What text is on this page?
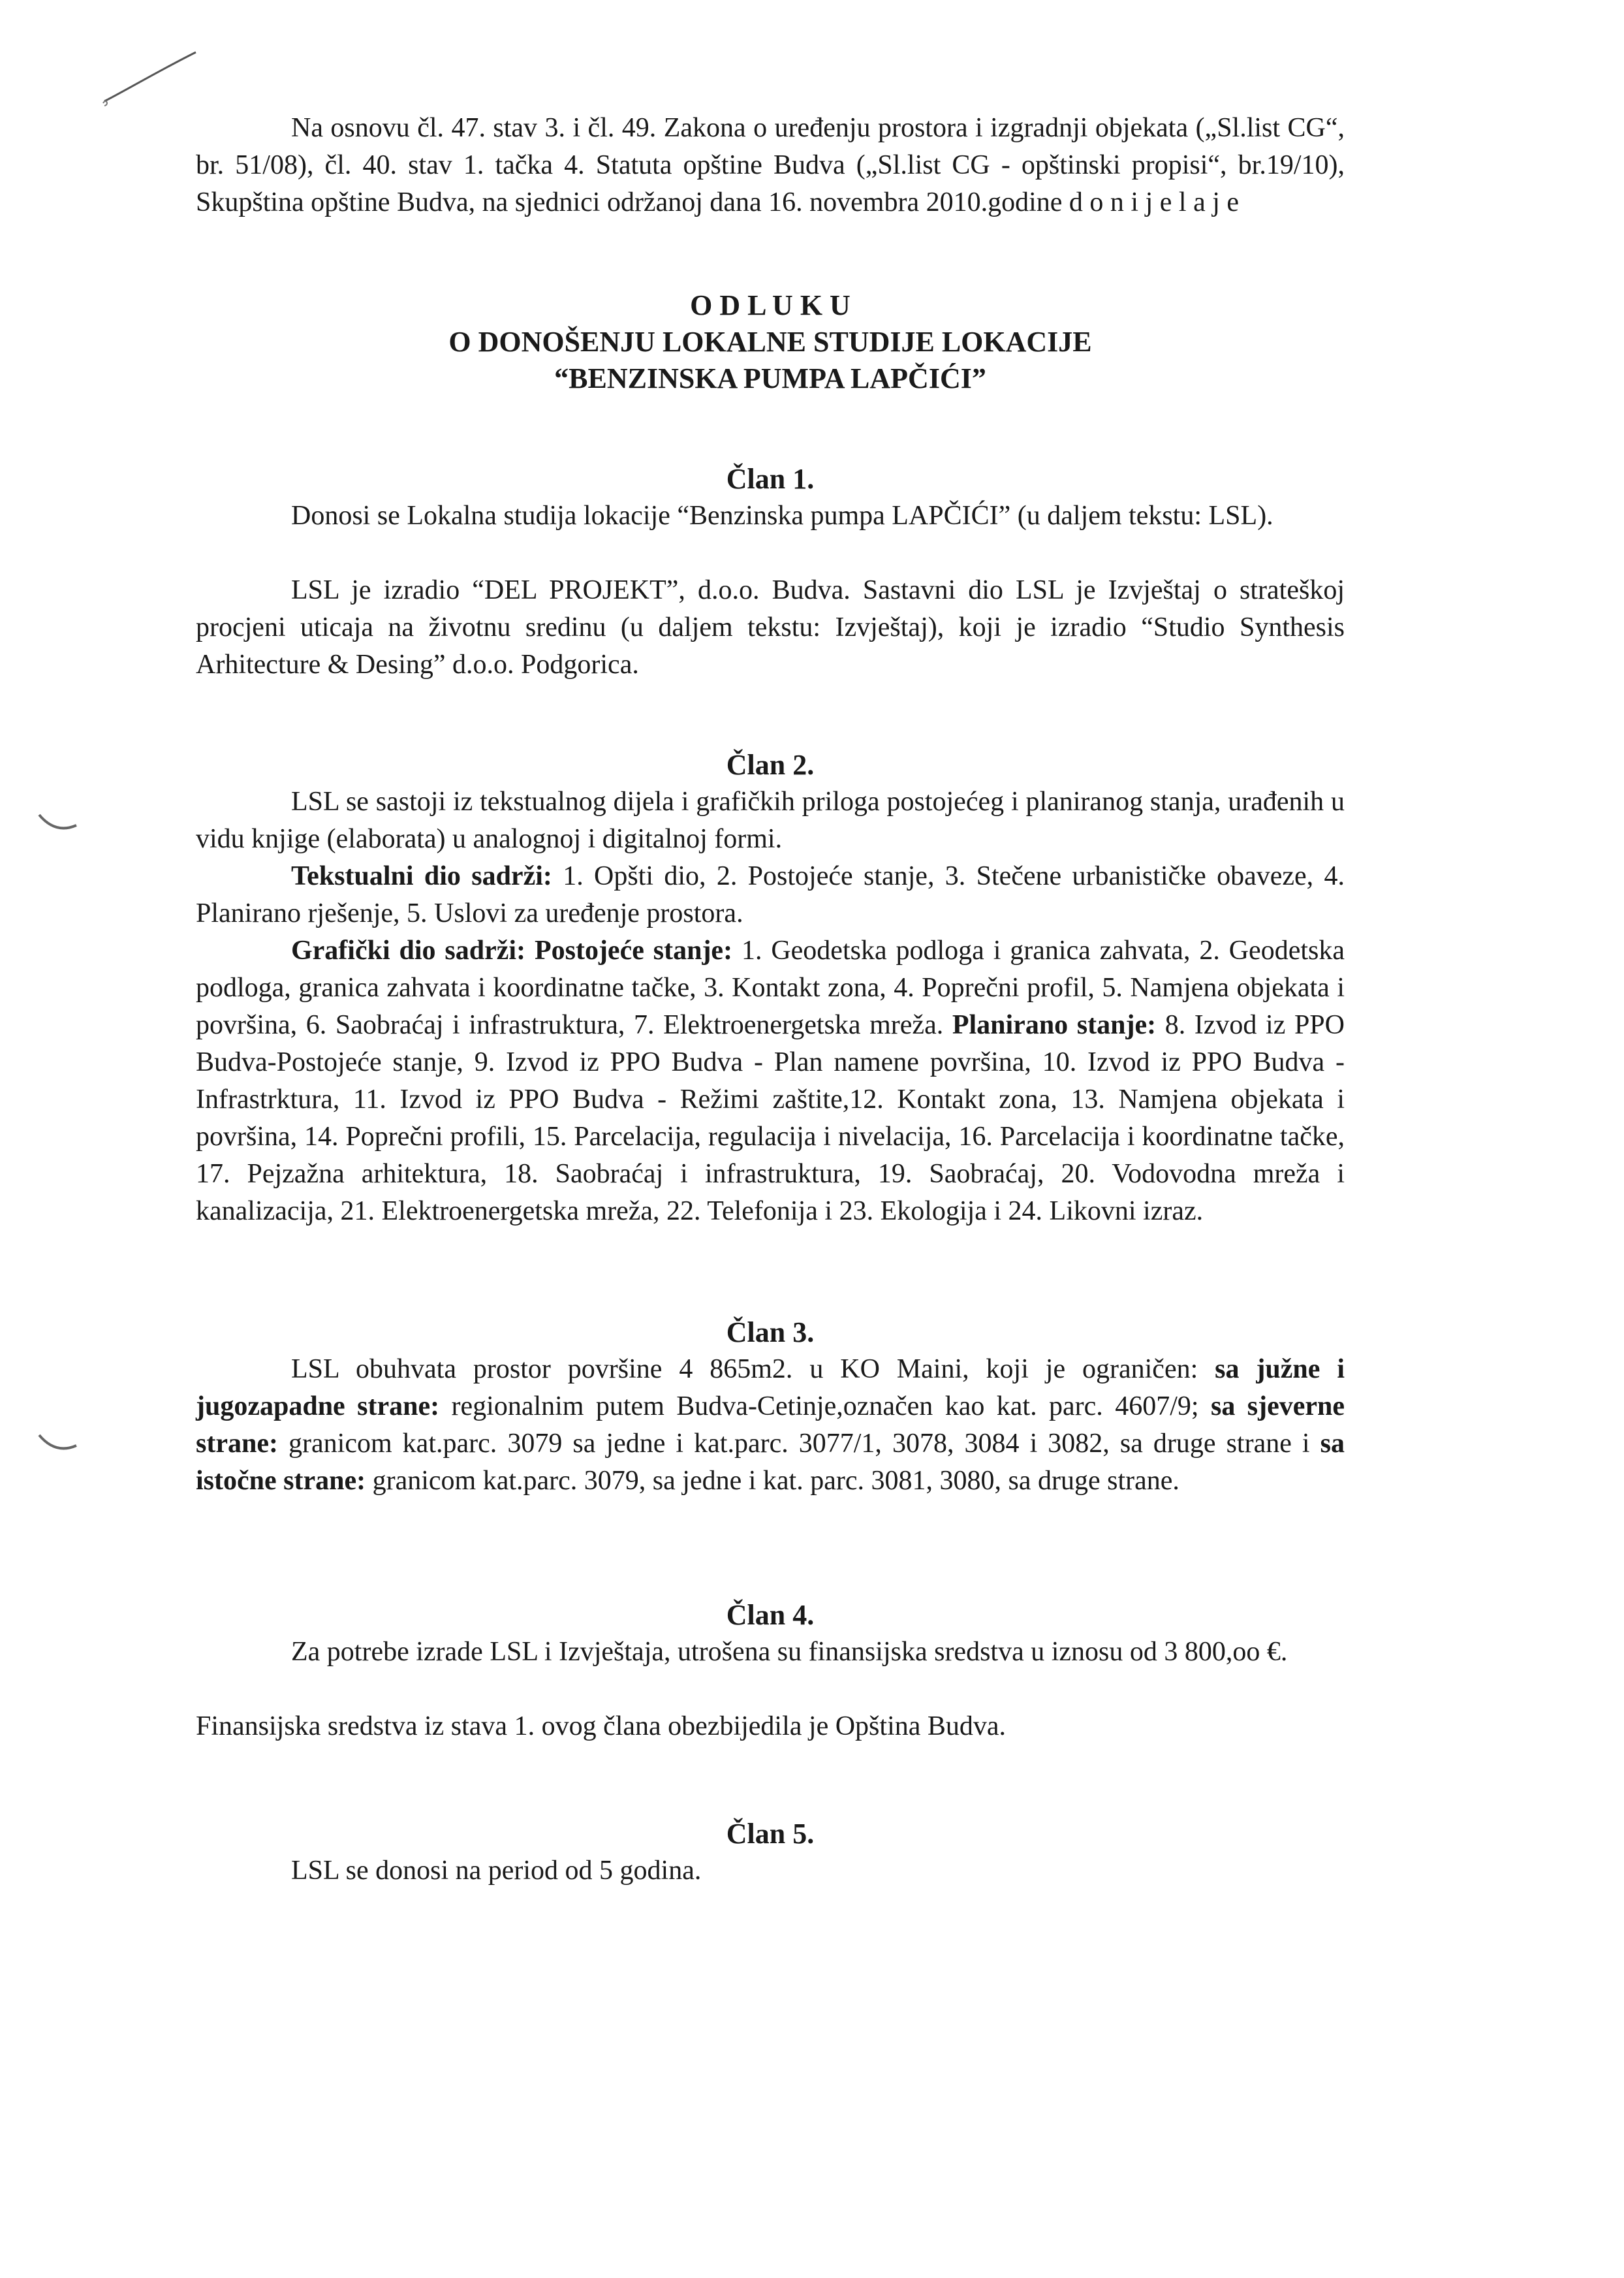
Na osnovu čl. 47. stav 3. i čl. 49. Zakona o uređenju prostora i izgradnji objekata („Sl.list CG“, br. 51/08), čl. 40. stav 1. tačka 4. Statuta opštine Budva („Sl.list CG - opštinski propisi“, br.19/10), Skupština opštine Budva, na sjednici održanoj dana 16. novembra 2010.godine d o n i j e l a j e
O D L U K U
O DONOŠENJU LOKALNE STUDIJE LOKACIJE
“BENZINSKA PUMPA LAPČIĆI”
Član 1.
Donosi se Lokalna studija lokacije “Benzinska pumpa LAPČIĆI” (u daljem tekstu: LSL).
LSL je izradio “DEL PROJEKT”, d.o.o. Budva. Sastavni dio LSL je Izvještaj o strateškoj procjeni uticaja na životnu sredinu (u daljem tekstu: Izvještaj), koji je izradio “Studio Synthesis Arhitecture & Desing” d.o.o. Podgorica.
Član 2.
LSL se sastoji iz tekstualnog dijela i grafičkih priloga postojećeg i planiranog stanja, urađenih u vidu knjige (elaborata) u analognoj i digitalnoj formi.
Tekstualni dio sadrži: 1. Opšti dio, 2. Postojeće stanje, 3. Stečene urbanističke obaveze, 4. Planirano rješenje, 5. Uslovi za uređenje prostora.
Grafički dio sadrži: Postojeće stanje: 1. Geodetska podloga i granica zahvata, 2. Geodetska podloga, granica zahvata i koordinatne tačke, 3. Kontakt zona, 4. Poprečni profil, 5. Namjena objekata i površina, 6. Saobraćaj i infrastruktura, 7. Elektroenergetska mreža. Planirano stanje: 8. Izvod iz PPO Budva-Postojeće stanje, 9. Izvod iz PPO Budva - Plan namene površina, 10. Izvod iz PPO Budva - Infrastrktura, 11. Izvod iz PPO Budva - Režimi zaštite,12. Kontakt zona, 13. Namjena objekata i površina, 14. Poprečni profili, 15. Parcelacija, regulacija i nivelacija, 16. Parcelacija i koordinatne tačke, 17. Pejzažna arhitektura, 18. Saobraćaj i infrastruktura, 19. Saobraćaj, 20. Vodovodna mreža i kanalizacija, 21. Elektroenergetska mreža, 22. Telefonija i 23. Ekologija i 24. Likovni izraz.
Član 3.
LSL obuhvata prostor površine 4 865m2. u KO Maini, koji je ograničen: sa južne i jugozapadne strane: regionalnim putem Budva-Cetinje,označen kao kat. parc. 4607/9; sa sjeverne strane: granicom kat.parc. 3079 sa jedne i kat.parc. 3077/1, 3078, 3084 i 3082, sa druge strane i sa istočne strane: granicom kat.parc. 3079, sa jedne i kat. parc. 3081, 3080, sa druge strane.
Član 4.
Za potrebe izrade LSL i Izvještaja, utrošena su finansijska sredstva u iznosu od 3 800,oo €.
Finansijska sredstva iz stava 1. ovog člana obezbijedila je Opština Budva.
Član 5.
LSL se donosi na period od 5 godina.
